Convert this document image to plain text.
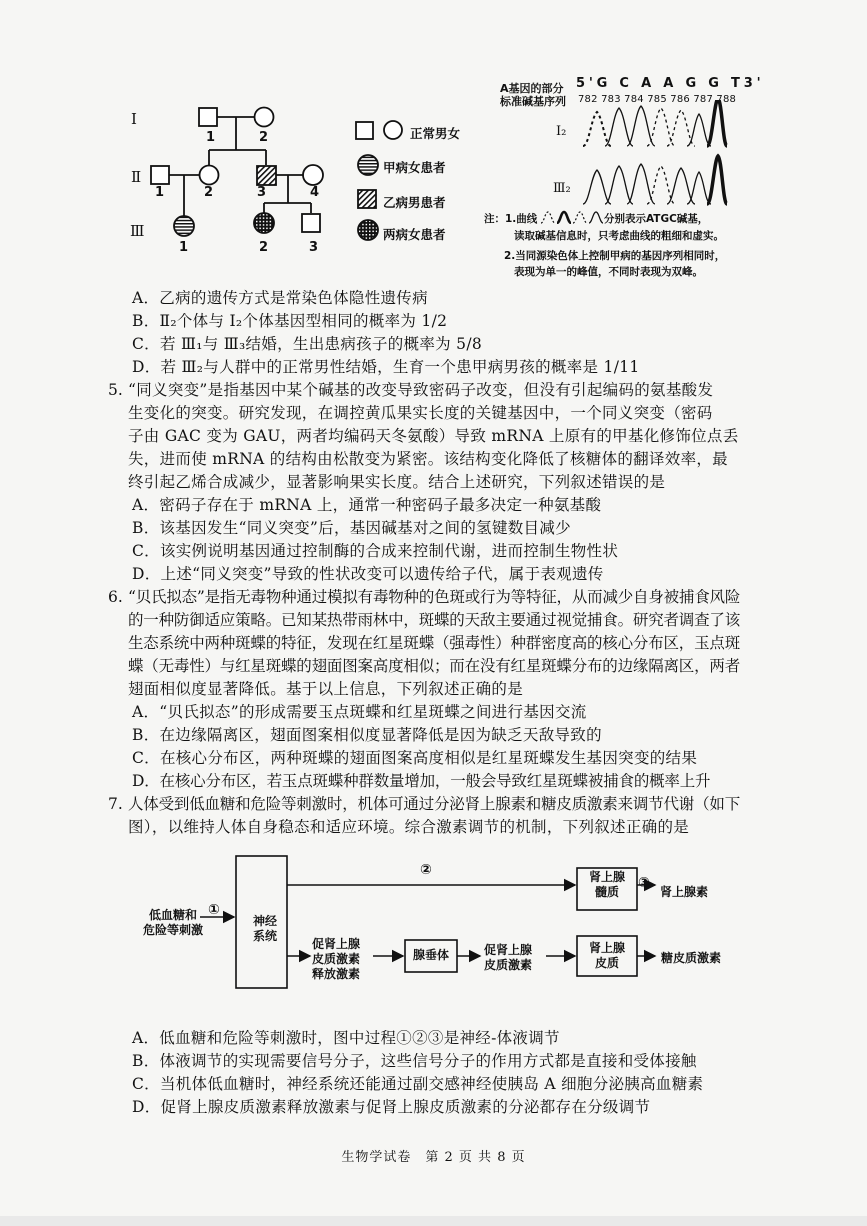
Ⅰ
Ⅱ
Ⅲ
1	2
1	2	3	4
1	2	3
正常男女
甲病女患者
乙病男患者
两病女患者
A基因的部分
标准碱基序列
5'G C A A G G T3'
782 783 784 785 786 787 788
Ⅰ₂
Ⅲ₂
注：1.曲线	分别表示ATGC碱基，
读取碱基信息时，只考虑曲线的粗细和虚实。
2.当同源染色体上控制甲病的基因序列相同时，
表现为单一的峰值，不同时表现为双峰。
A．乙病的遗传方式是常染色体隐性遗传病
B．Ⅱ₂个体与 Ⅰ₂个体基因型相同的概率为 1/2
C．若 Ⅲ₁与 Ⅲ₃结婚，生出患病孩子的概率为 5/8
D．若 Ⅲ₂与人群中的正常男性结婚，生育一个患甲病男孩的概率是 1/11
5. “同义突变”是指基因中某个碱基的改变导致密码子改变，但没有引起编码的氨基酸发
生变化的突变。研究发现，在调控黄瓜果实长度的关键基因中，一个同义突变（密码
子由 GAC 变为 GAU，两者均编码天冬氨酸）导致 mRNA 上原有的甲基化修饰位点丢
失，进而使 mRNA 的结构由松散变为紧密。该结构变化降低了核糖体的翻译效率，最
终引起乙烯合成减少，显著影响果实长度。结合上述研究，下列叙述错误的是
A．密码子存在于 mRNA 上，通常一种密码子最多决定一种氨基酸
B．该基因发生“同义突变”后，基因碱基对之间的氢键数目减少
C．该实例说明基因通过控制酶的合成来控制代谢，进而控制生物性状
D．上述“同义突变”导致的性状改变可以遗传给子代，属于表观遗传
6. “贝氏拟态”是指无毒物种通过模拟有毒物种的色斑或行为等特征，从而减少自身被捕食风险
的一种防御适应策略。已知某热带雨林中，斑蝶的天敌主要通过视觉捕食。研究者调查了该
生态系统中两种斑蝶的特征，发现在红星斑蝶（强毒性）种群密度高的核心分布区，玉点斑
蝶（无毒性）与红星斑蝶的翅面图案高度相似；而在没有红星斑蝶分布的边缘隔离区，两者
翅面相似度显著降低。基于以上信息，下列叙述正确的是
A．“贝氏拟态”的形成需要玉点斑蝶和红星斑蝶之间进行基因交流
B．在边缘隔离区，翅面图案相似度显著降低是因为缺乏天敌导致的
C．在核心分布区，两种斑蝶的翅面图案高度相似是红星斑蝶发生基因突变的结果
D．在核心分布区，若玉点斑蝶种群数量增加，一般会导致红星斑蝶被捕食的概率上升
7. 人体受到低血糖和危险等刺激时，机体可通过分泌肾上腺素和糖皮质激素来调节代谢（如下
图），以维持人体自身稳态和适应环境。综合激素调节的机制，下列叙述正确的是
低血糖和
危险等刺激
①
神经
系统
②	肾上腺
髓质
③
肾上腺素
促肾上腺
皮质激素
释放激素
腺垂体	促肾上腺
皮质激素
肾上腺
皮质	糖皮质激素
A．低血糖和危险等刺激时，图中过程①②③是神经-体液调节
B．体液调节的实现需要信号分子，这些信号分子的作用方式都是直接和受体接触
C．当机体低血糖时，神经系统还能通过副交感神经使胰岛 A 细胞分泌胰高血糖素
D．促肾上腺皮质激素释放激素与促肾上腺皮质激素的分泌都存在分级调节
生物学试卷　第 2 页 共 8 页
